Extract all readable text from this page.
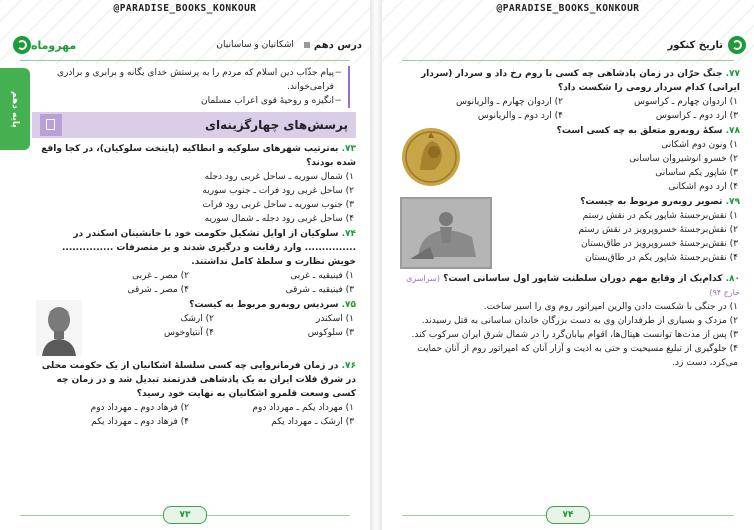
@PARADISE_BOOKS_KONKOUR
درس دهم
اشکانیان و ساسانیان
مهروماه
پایه دهم
− پیام جذّاب دین اسلام که مردم را به پرستش خدای یگانه و برابری و برادری فرامی‌خواند.
− انگیزه و روحیهٔ قوی اعراب مسلمان
پرسش‌های چهارگزینه‌ای
۷۳. به‌ترتیب شهرهای سلوکیه و انطاکیه (پایتخت سلوکیان)، در کجا واقع شده بودند؟
۱) شمال سوریه ـ ساحل غربی رود دجله
۲) ساحل غربی رود فرات ـ جنوب سوریه
۳) جنوب سوریه ـ ساحل غربی رود فرات
۴) ساحل غربی رود دجله ـ شمال سوریه
۷۴. سلوکیان از اوایل تشکیل حکومت خود با جانشینان اسکندر در ............... وارد رقابت و درگیری شدند و بر متصرفات ............... خویش نظارت و سلطهٔ کامل نداشتند.
۱) فینیقیه ـ غربی
۲) مصر ـ غربی
۳) فینیقیه ـ شرقی
۴) مصر ـ شرقی
۷۵. سردیس روبه‌رو مربوط به کیست؟
۱) اسکندر
۲) ارشک
۳) سلوکوس
۴) آنتیاوخوس
۷۶. در زمان فرمانروایی چه کسی سلسلهٔ اشکانیان از یک حکومت محلی در شرق فلات ایران به یک پادشاهی قدرتمند تبدیل شد و در زمان چه کسی وسعت قلمرو اشکانیان به نهایت خود رسید؟
۱) مهرداد یکم ـ مهرداد دوم
۲) فرهاد دوم ـ مهرداد دوم
۳) ارشک ـ مهرداد یکم
۴) فرهاد دوم ـ مهرداد یکم
۷۳
@PARADISE_BOOKS_KONKOUR
تاریخ کنکور
۷۷. جنگ حرّان در زمان پادشاهی چه کسی با روم رخ داد و سردار (سردار ایرانی) کدام سردار رومی را شکست داد؟
۱) اردوان چهارم ـ کراسوس
۲) اردوان چهارم ـ والریانوس
۳) ارد دوم ـ کراسوس
۴) ارد دوم ـ والریانوس
۷۸. سکهٔ روبه‌رو متعلق به چه کسی است؟
۱) ونون دوم اشکانی
۲) خسرو انوشیروان ساسانی
۳) شاپور یکم ساسانی
۴) ارد دوم اشکانی
۷۹. تصویر روبه‌رو مربوط به چیست؟
۱) نقش‌برجستهٔ شاپور یکم در نقش رستم
۲) نقش‌برجستهٔ خسروپرویز در نقش رستم
۳) نقش‌برجستهٔ خسروپرویز در طاق‌بستان
۴) نقش‌برجستهٔ شاپور یکم در طاق‌بستان
۸۰. کدام‌یک از وقایع مهم دوران سلطنت شاپور اول ساسانی است؟ (سراسری خارج ۹۴)
۱) در جنگی با شکست دادن والرین امپراتور روم وی را اسیر ساخت.
۲) مزدک و بسیاری از طرفداران وی به دست بزرگان خاندان ساسانی به قتل رسیدند.
۳) پس از مدت‌ها توانست هپتال‌ها، اقوام بیابان‌گرد را در شمال شرق ایران سرکوب کند.
۴) جلوگیری از تبلیغ مسیحیت و حتی به اذیت و آزار آنان که امپراتور روم از آنان حمایت می‌کرد، دست زد.
۷۴
